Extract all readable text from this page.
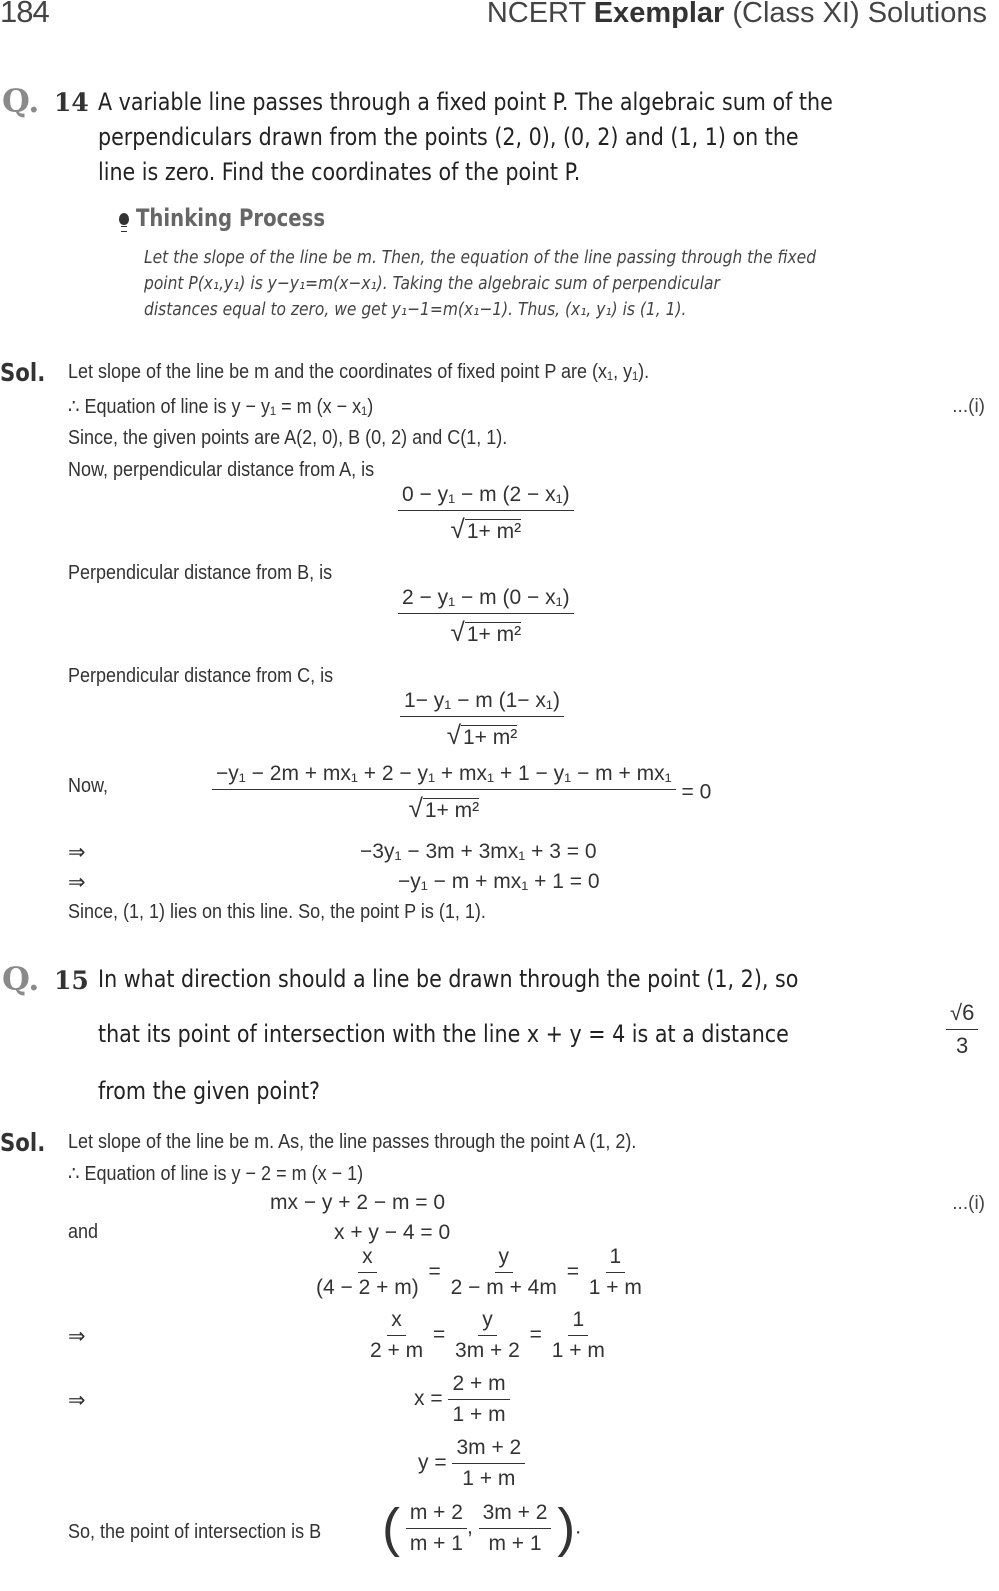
184	NCERT Exemplar (Class XI) Solutions
Q. 14 A variable line passes through a fixed point P. The algebraic sum of the
perpendiculars drawn from the points (2, 0), (0, 2) and (1, 1) on the
line is zero. Find the coordinates of the point P.
Thinking Process
Let the slope of the line be m. Then, the equation of the line passing through the fixed
point P(x₁,y₁) is y−y₁=m(x−x₁). Taking the algebraic sum of perpendicular
distances equal to zero, we get y₁−1=m(x₁−1). Thus, (x₁, y₁) is (1, 1).
Sol. Let slope of the line be m and the coordinates of fixed point P are (x₁, y₁).
∴ Equation of line is y − y₁ = m (x − x₁)	...(i)
Since, the given points are A(2, 0), B (0, 2) and C(1, 1).
Now, perpendicular distance from A, is
$\frac{\text{0 − y₁ − m (2 − x₁)}}{\text{√1+ m²}}$
Perpendicular distance from B, is
$\frac{\text{2 − y₁ − m (0 − x₁)}}{\text{√1+ m²}}$
Perpendicular distance from C, is
$\frac{\text{1− y₁ − m (1− x₁)}}{\text{√1+ m²}}$
Now,	$\frac{\text{−y₁ − 2m + mx₁ + 2 − y₁ + mx₁ + 1 − y₁ − m + mx₁}}{\text{√1+ m²}} = 0$
⇒	−3y₁ − 3m + 3mx₁ + 3 = 0
⇒	−y₁ − m + mx₁ + 1 = 0
Since, (1, 1) lies on this line. So, the point P is (1, 1).
Q. 15 In what direction should a line be drawn through the point (1, 2), so
that its point of intersection with the line x + y = 4 is at a distance	$\frac{√6}{3}$
from the given point?
Sol. Let slope of the line be m. As, the line passes through the point A (1, 2).
∴ Equation of line is y − 2 = m (x − 1)
mx − y + 2 − m = 0	...(i)
and	x + y − 4 = 0
$\frac{x}{(4 - 2 + m)} = \frac{y}{2 - m + 4m} = \frac{1}{1 + m}$
⇒	$\frac{x}{2 + m} = \frac{y}{3m + 2} = \frac{1}{1 + m}$
⇒	$x = \frac{2 + m}{1 + m}$
$y = \frac{3m + 2}{1 + m}$
So, the point of intersection is B ( $\frac{m + 2}{m + 1}$ , $\frac{3m + 2}{m + 1}$ ).
